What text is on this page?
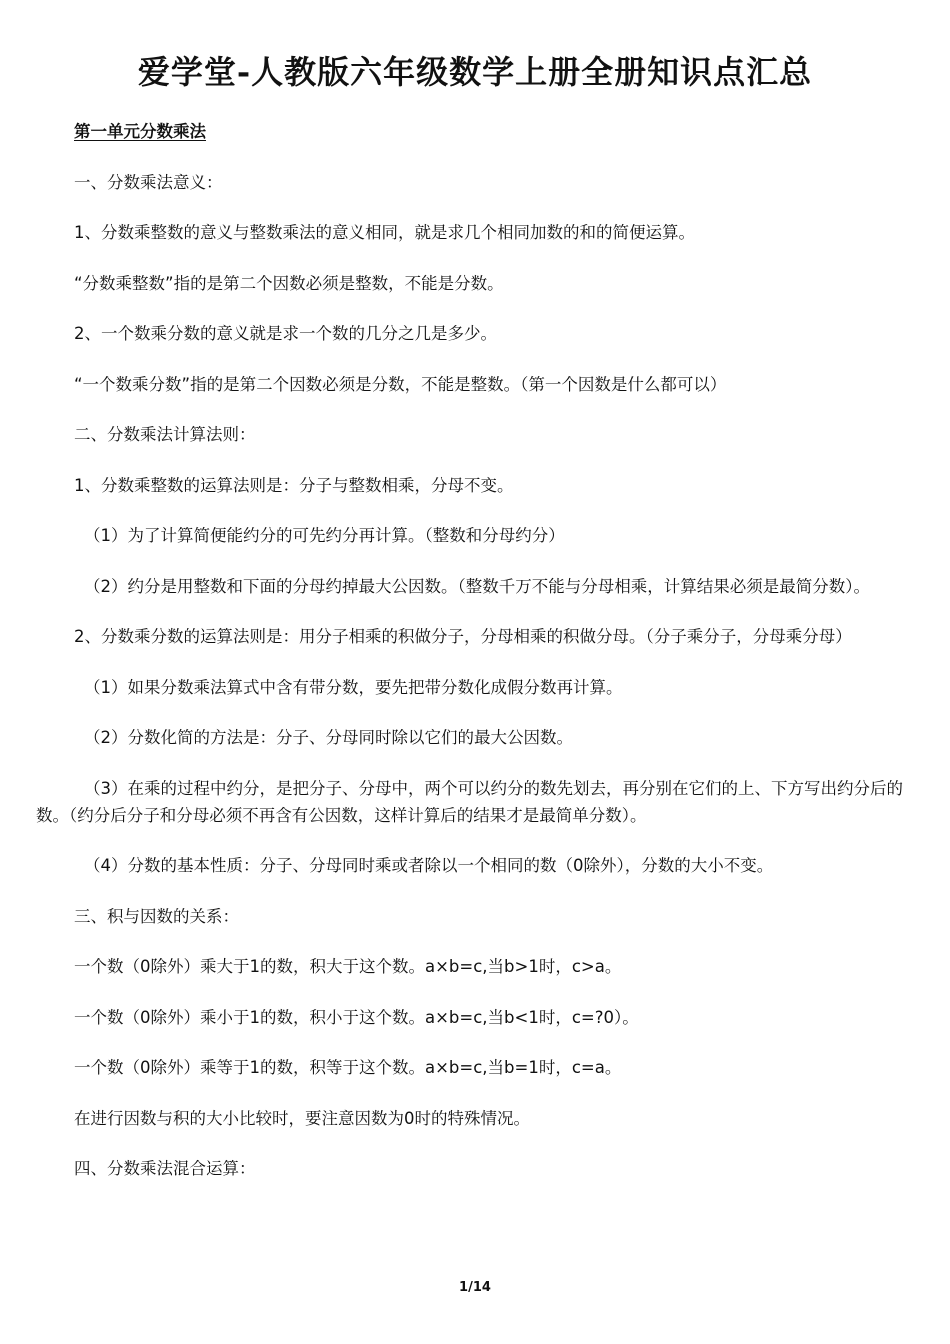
爱学堂-人教版六年级数学上册全册知识点汇总

第一单元分数乘法

一、分数乘法意义：

1、分数乘整数的意义与整数乘法的意义相同，就是求几个相同加数的和的简便运算。

“分数乘整数”指的是第二个因数必须是整数，不能是分数。

2、一个数乘分数的意义就是求一个数的几分之几是多少。

“一个数乘分数”指的是第二个因数必须是分数，不能是整数。（第一个因数是什么都可以）

二、分数乘法计算法则：

1、分数乘整数的运算法则是：分子与整数相乘，分母不变。

（1）为了计算简便能约分的可先约分再计算。（整数和分母约分）

（2）约分是用整数和下面的分母约掉最大公因数。（整数千万不能与分母相乘，计算结果必须是最简分数）。

2、分数乘分数的运算法则是：用分子相乘的积做分子，分母相乘的积做分母。（分子乘分子，分母乘分母）

（1）如果分数乘法算式中含有带分数，要先把带分数化成假分数再计算。

（2）分数化简的方法是：分子、分母同时除以它们的最大公因数。

（3）在乘的过程中约分，是把分子、分母中，两个可以约分的数先划去，再分别在它们的上、下方写出约分后的数。（约分后分子和分母必须不再含有公因数，这样计算后的结果才是最简单分数）。

（4）分数的基本性质：分子、分母同时乘或者除以一个相同的数（0除外），分数的大小不变。

三、积与因数的关系：

一个数（0除外）乘大于1的数，积大于这个数。a×b=c,当b>1时，c>a。

一个数（0除外）乘小于1的数，积小于这个数。a×b=c,当b<1时，c=?0）。

一个数（0除外）乘等于1的数，积等于这个数。a×b=c,当b=1时，c=a。

在进行因数与积的大小比较时，要注意因数为0时的特殊情况。

四、分数乘法混合运算：

1/14
